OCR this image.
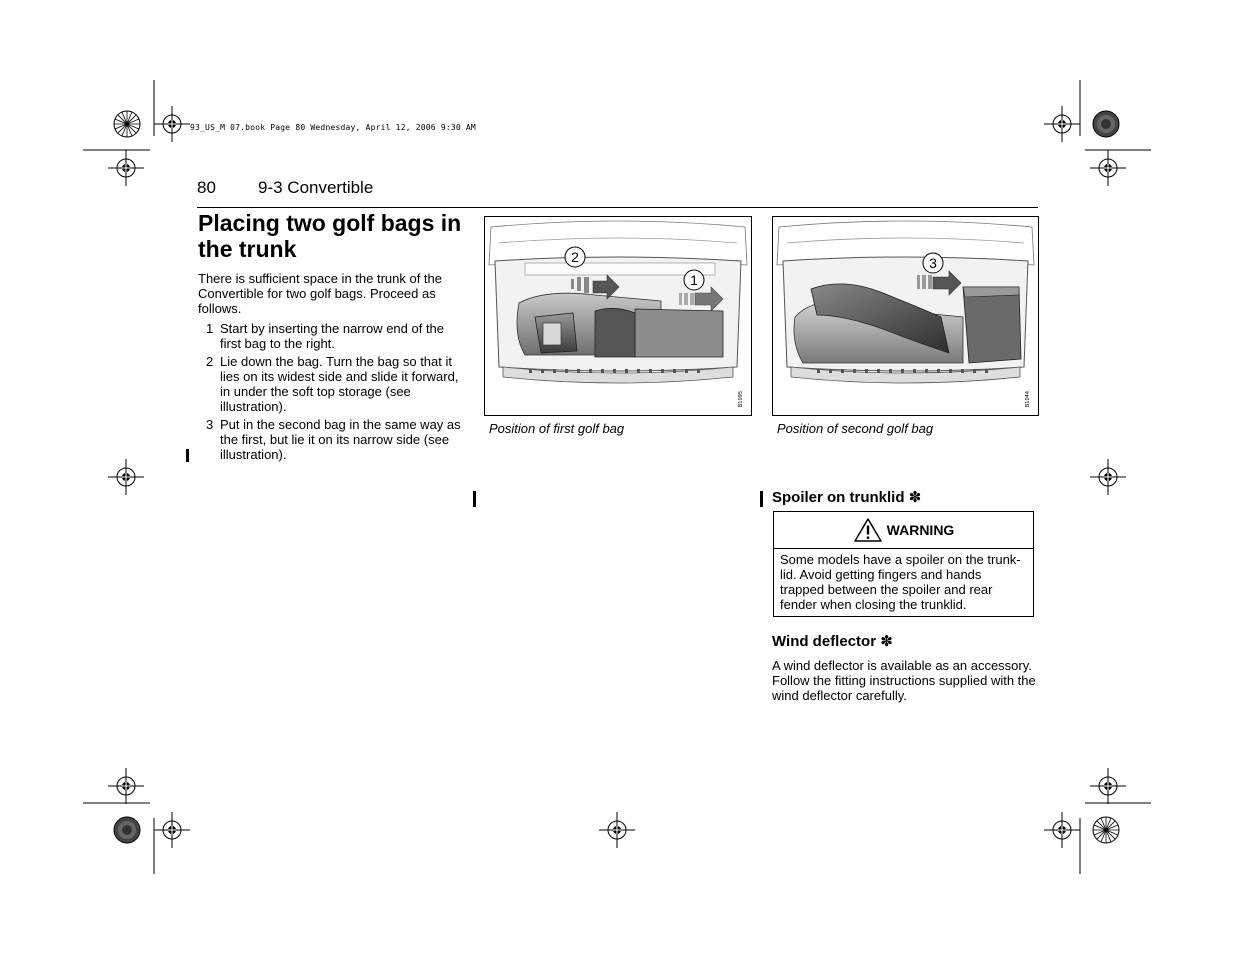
93_US_M 07.book Page 80 Wednesday, April 12, 2006 9:30 AM
80 9-3 Convertible
Placing two golf bags in the trunk

There is sufficient space in the trunk of the Convertible for two golf bags. Proceed as follows.

1 Start by inserting the narrow end of the first bag to the right.
2 Lie down the bag. Turn the bag so that it lies on its widest side and slide it forward, in under the soft top storage (see illustration).
3 Put in the second bag in the same way as the first, but lie it on its narrow side (see illustration).
2
1
B1095
Position of first golf bag
3
B1044
Position of second golf bag
Spoiler on trunklid ✽
WARNING
Some models have a spoiler on the trunk-lid. Avoid getting fingers and hands trapped between the spoiler and rear fender when closing the trunklid.
Wind deflector ✽

A wind deflector is available as an accessory. Follow the fitting instructions supplied with the wind deflector carefully.
